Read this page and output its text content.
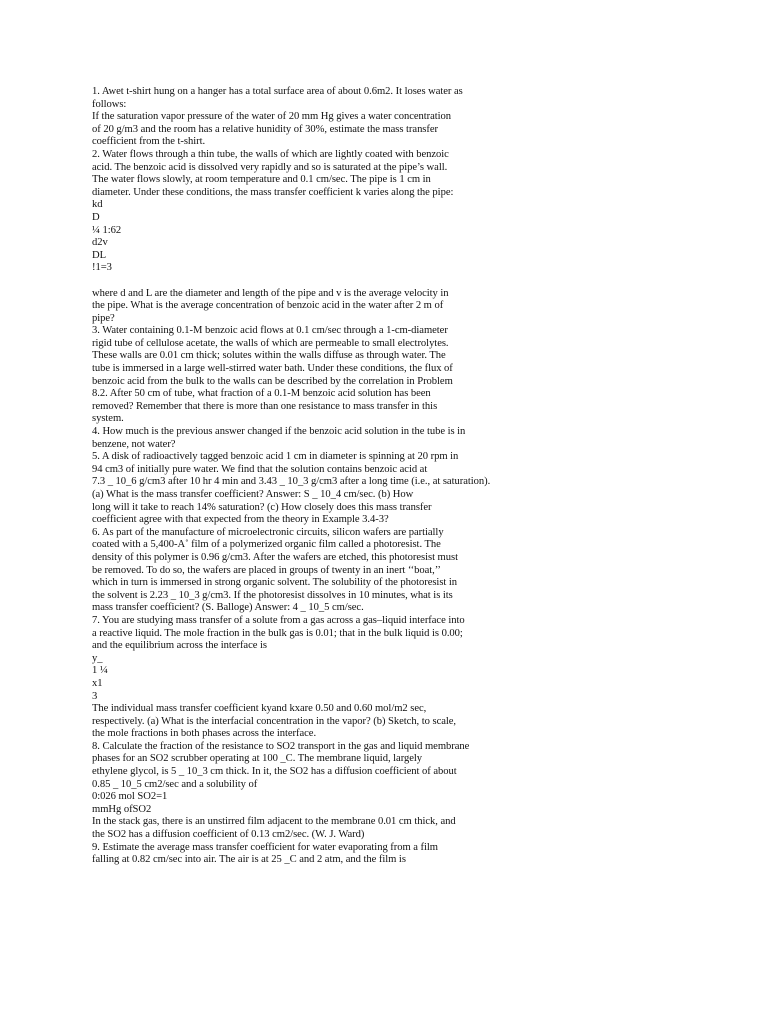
1. Awet t-shirt hung on a hanger has a total surface area of about 0.6m2. It loses water as
follows:
If the saturation vapor pressure of the water of 20 mm Hg gives a water concentration
of 20 g/m3 and the room has a relative hunidity of 30%, estimate the mass transfer
coefficient from the t-shirt.
2. Water flows through a thin tube, the walls of which are lightly coated with benzoic
acid. The benzoic acid is dissolved very rapidly and so is saturated at the pipe’s wall.
The water flows slowly, at room temperature and 0.1 cm/sec. The pipe is 1 cm in
diameter. Under these conditions, the mass transfer coefficient k varies along the pipe:
kd
D
¼ 1:62
d2v
DL
!1=3
where d and L are the diameter and length of the pipe and v is the average velocity in
the pipe. What is the average concentration of benzoic acid in the water after 2 m of
pipe?
3. Water containing 0.1-M benzoic acid flows at 0.1 cm/sec through a 1-cm-diameter
rigid tube of cellulose acetate, the walls of which are permeable to small electrolytes.
These walls are 0.01 cm thick; solutes within the walls diffuse as through water. The
tube is immersed in a large well-stirred water bath. Under these conditions, the flux of
benzoic acid from the bulk to the walls can be described by the correlation in Problem
8.2. After 50 cm of tube, what fraction of a 0.1-M benzoic acid solution has been
removed? Remember that there is more than one resistance to mass transfer in this
system.
4. How much is the previous answer changed if the benzoic acid solution in the tube is in
benzene, not water?
5. A disk of radioactively tagged benzoic acid 1 cm in diameter is spinning at 20 rpm in
94 cm3 of initially pure water. We find that the solution contains benzoic acid at
7.3 _ 10_6 g/cm3 after 10 hr 4 min and 3.43 _ 10_3 g/cm3 after a long time (i.e., at saturation).
(a) What is the mass transfer coefficient? Answer: S _ 10_4 cm/sec. (b) How
long will it take to reach 14% saturation? (c) How closely does this mass transfer
coefficient agree with that expected from the theory in Example 3.4-3?
6. As part of the manufacture of microelectronic circuits, silicon wafers are partially
coated with a 5,400-A˚ film of a polymerized organic film called a photoresist. The
density of this polymer is 0.96 g/cm3. After the wafers are etched, this photoresist must
be removed. To do so, the wafers are placed in groups of twenty in an inert ‘‘boat,’’
which in turn is immersed in strong organic solvent. The solubility of the photoresist in
the solvent is 2.23 _ 10_3 g/cm3. If the photoresist dissolves in 10 minutes, what is its
mass transfer coefficient? (S. Balloge) Answer: 4 _ 10_5 cm/sec.
7. You are studying mass transfer of a solute from a gas across a gas–liquid interface into
a reactive liquid. The mole fraction in the bulk gas is 0.01; that in the bulk liquid is 0.00;
and the equilibrium across the interface is
y_
1 ¼
x1
3
The individual mass transfer coefficient kyand kxare 0.50 and 0.60 mol/m2 sec,
respectively. (a) What is the interfacial concentration in the vapor? (b) Sketch, to scale,
the mole fractions in both phases across the interface.
8. Calculate the fraction of the resistance to SO2 transport in the gas and liquid membrane
phases for an SO2 scrubber operating at 100 _C. The membrane liquid, largely
ethylene glycol, is 5 _ 10_3 cm thick. In it, the SO2 has a diffusion coefficient of about
0.85 _ 10_5 cm2/sec and a solubility of
0:026 mol SO2=1
mmHg ofSO2
In the stack gas, there is an unstirred film adjacent to the membrane 0.01 cm thick, and
the SO2 has a diffusion coefficient of 0.13 cm2/sec. (W. J. Ward)
9. Estimate the average mass transfer coefficient for water evaporating from a film
falling at 0.82 cm/sec into air. The air is at 25 _C and 2 atm, and the film is
